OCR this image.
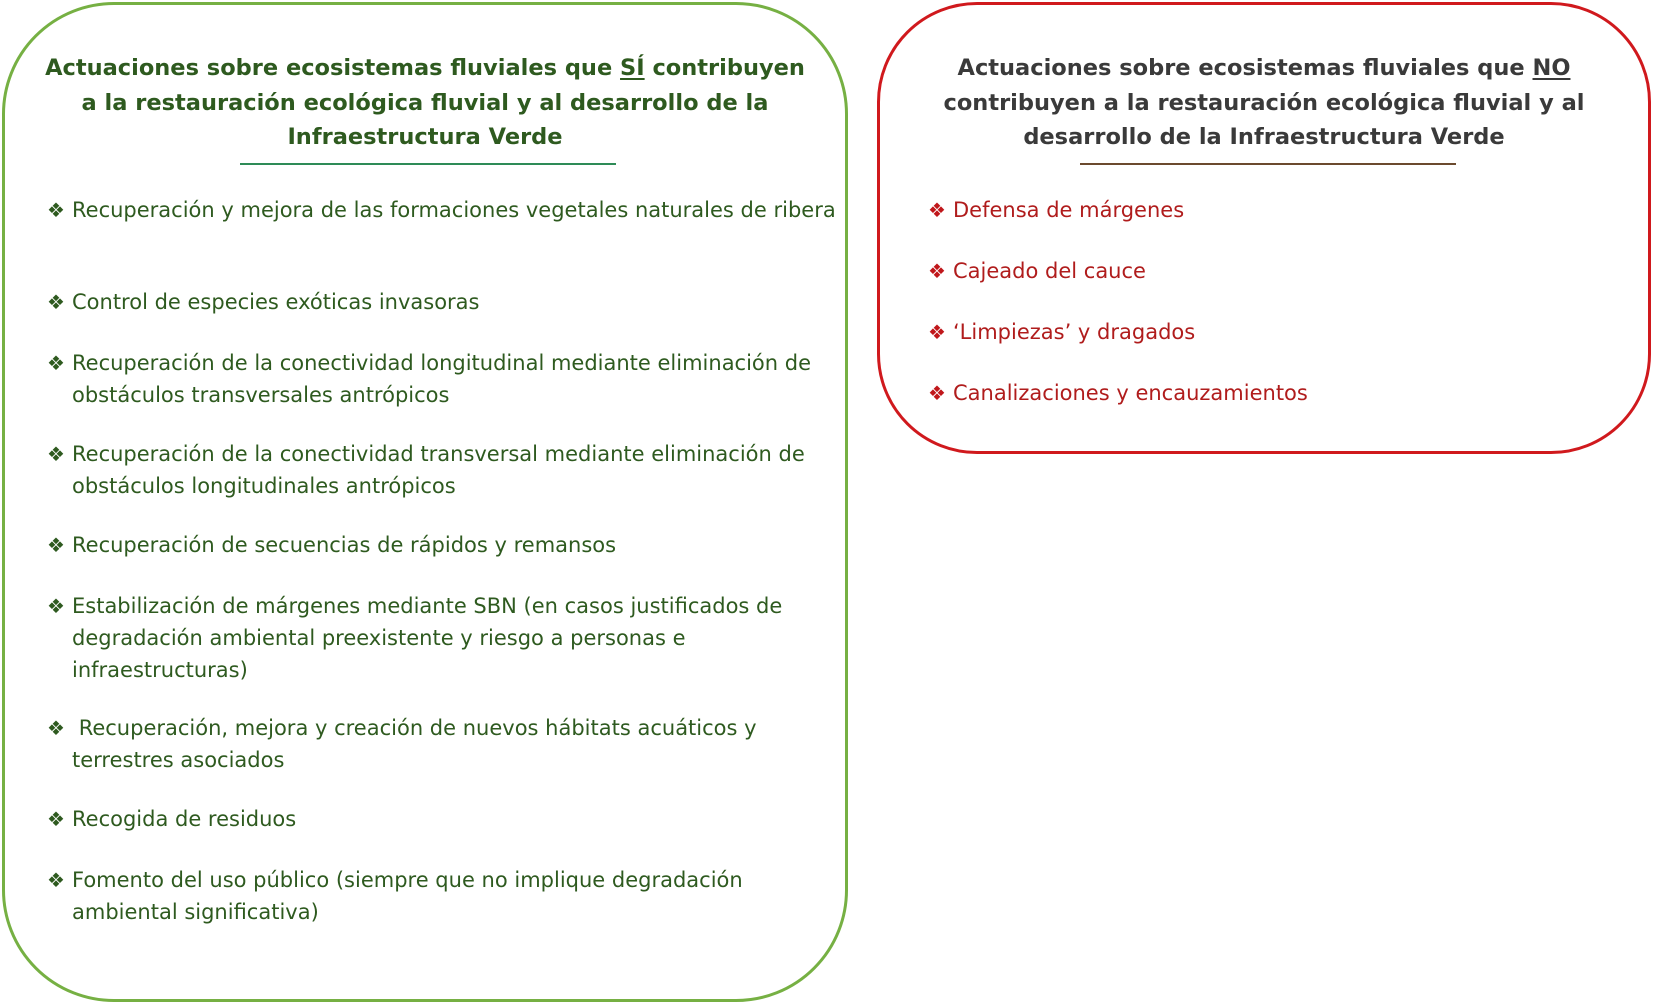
Actuaciones sobre ecosistemas fluviales que SÍ contribuyen a la restauración ecológica fluvial y al desarrollo de la Infraestructura Verde
❖ Recuperación y mejora de las formaciones vegetales naturales de ribera
❖ Control de especies exóticas invasoras
❖ Recuperación de la conectividad longitudinal mediante eliminación de obstáculos transversales antrópicos
❖ Recuperación de la conectividad transversal mediante eliminación de obstáculos longitudinales antrópicos
❖ Recuperación de secuencias de rápidos y remansos
❖ Estabilización de márgenes mediante SBN (en casos justificados de degradación ambiental preexistente y riesgo a personas e infraestructuras)
❖ Recuperación, mejora y creación de nuevos hábitats acuáticos y terrestres asociados
❖ Recogida de residuos
❖ Fomento del uso público (siempre que no implique degradación ambiental significativa)
Actuaciones sobre ecosistemas fluviales que NO contribuyen a la restauración ecológica fluvial y al desarrollo de la Infraestructura Verde
❖ Defensa de márgenes
❖ Cajeado del cauce
❖ ‘Limpiezas’ y dragados
❖ Canalizaciones y encauzamientos
